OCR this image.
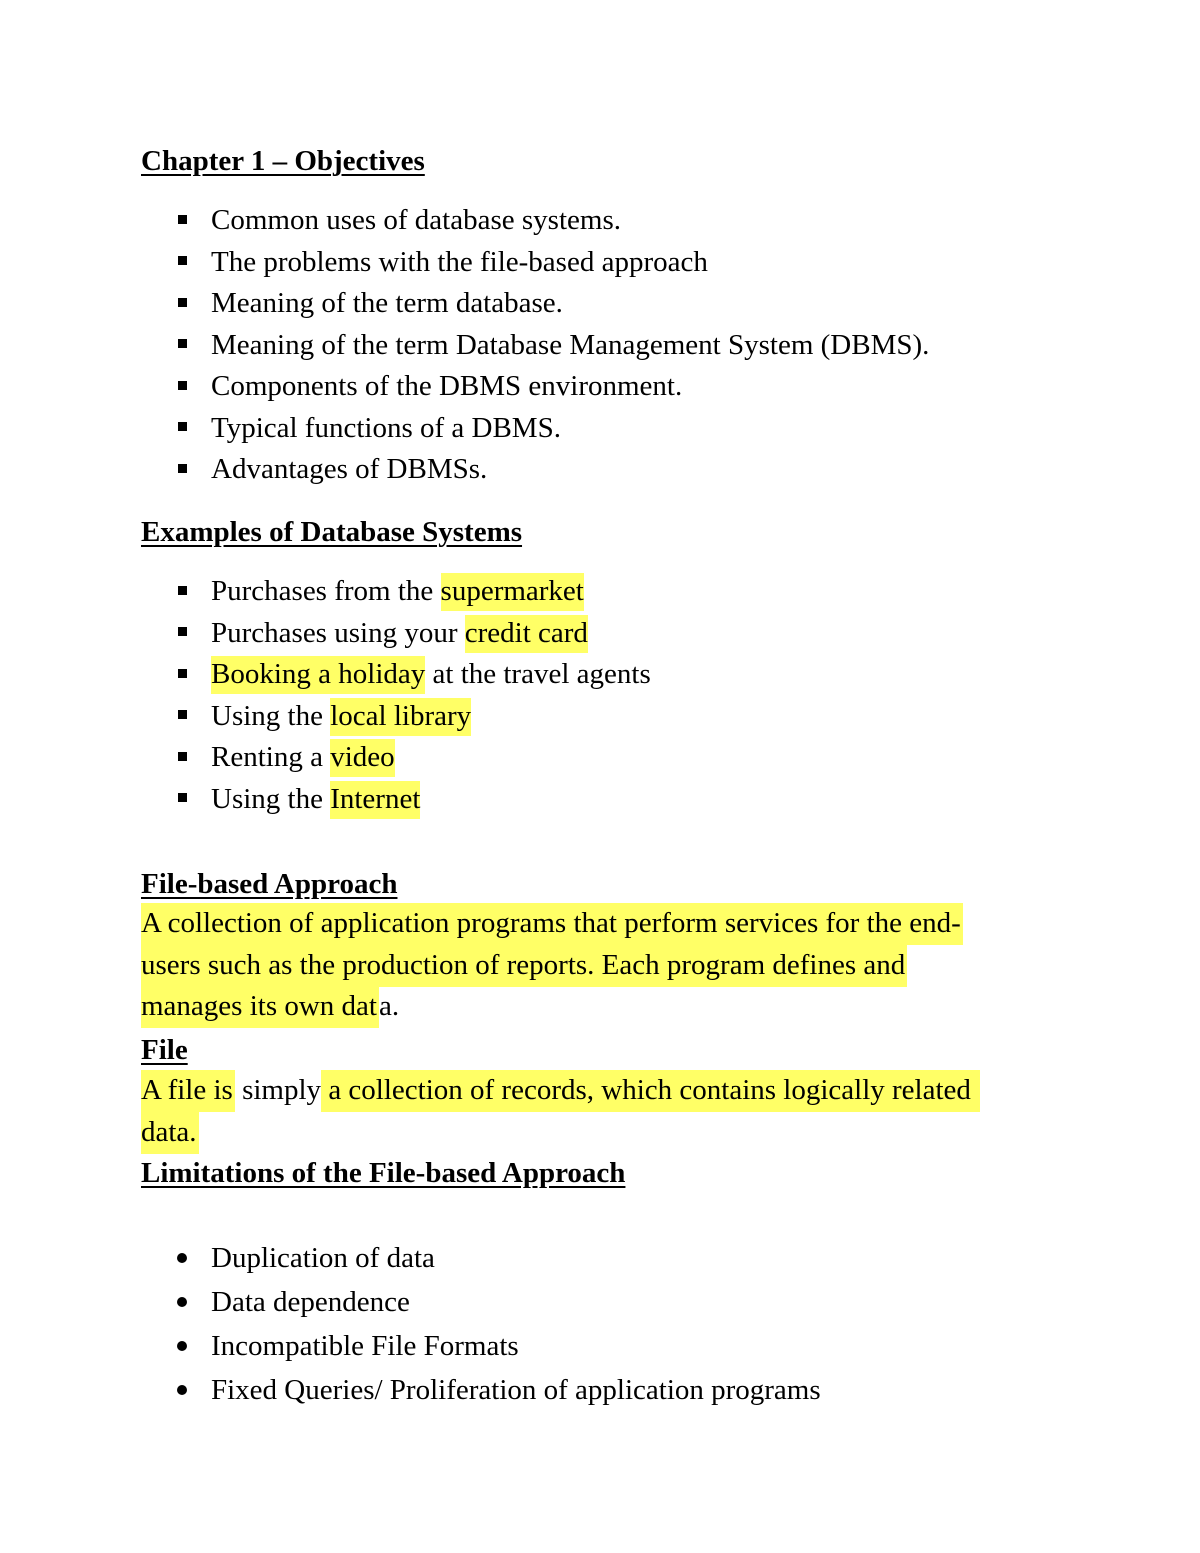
Chapter 1 – Objectives
Common uses of database systems.
The problems with the file-based approach
Meaning of the term database.
Meaning of the term Database Management System (DBMS).
Components of the DBMS environment.
Typical functions of a DBMS.
Advantages of DBMSs.
Examples of Database Systems
Purchases from the supermarket
Purchases using your credit card
Booking a holiday at the travel agents
Using the local library
Renting a video
Using the Internet
File-based Approach
A collection of application programs that perform services for the end-
users such as the production of reports. Each program defines and
manages its own data.
File
A file is simply a collection of records, which contains logically related
data.
Limitations of the File-based Approach
Duplication of data
Data dependence
Incompatible File Formats
Fixed Queries/ Proliferation of application programs
